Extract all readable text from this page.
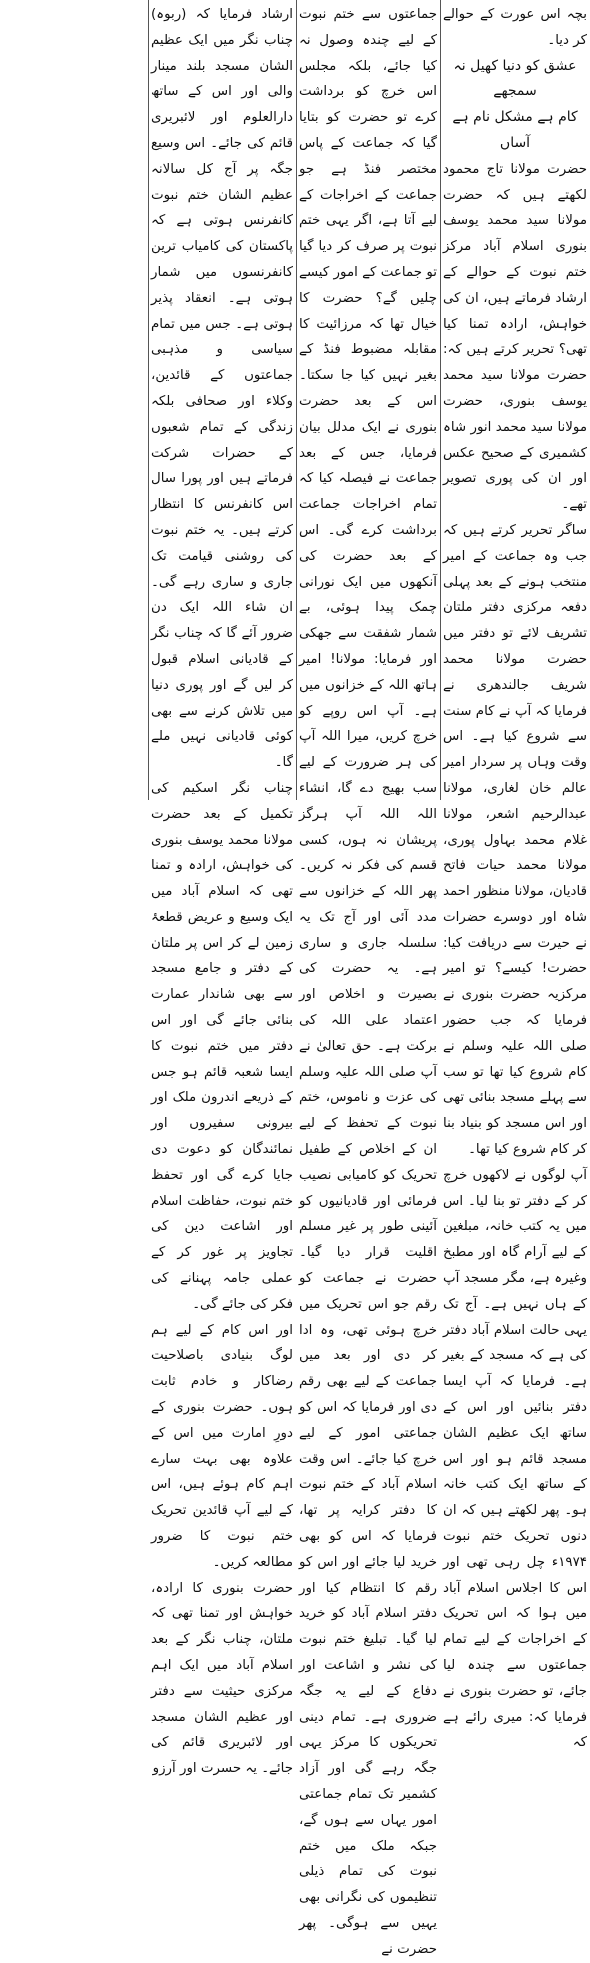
بچہ اس عورت کے حوالے کر دیا۔

عشق کو دنیا کھیل نہ سمجھے

کام ہے مشکل نام ہے آساں

حضرت مولانا تاج محمود لکھتے ہیں کہ حضرت مولانا سید محمد یوسف بنوری اسلام آباد مرکز ختم نبوت کے حوالے کے ارشاد فرماتے ہیں، ان کی خواہش، ارادہ تمنا کیا تھی؟ تحریر کرتے ہیں کہ: حضرت مولانا سید محمد یوسف بنوری، حضرت مولانا سید محمد انور شاہ کشمیری کے صحیح عکس اور ان کی پوری تصویر تھے۔

ساگر تحریر کرتے ہیں کہ جب وہ جماعت کے امیر منتخب ہونے کے بعد پہلی دفعہ مرکزی دفتر ملتان تشریف لائے تو دفتر میں حضرت مولانا محمد شریف جالندھری نے فرمایا کہ آپ نے کام سنت سے شروع کیا ہے۔ اس وقت وہاں پر سردار امیر عالم خان لغاری، مولانا عبدالرحیم اشعر، مولانا غلام محمد بہاول پوری، مولانا محمد حیات فاتح قادیان، مولانا منظور احمد شاہ اور دوسرے حضرات نے حیرت سے دریافت کیا: حضرت! کیسے؟ تو امیر مرکزیہ حضرت بنوری نے فرمایا کہ جب حضور صلی اللہ علیہ وسلم نے کام شروع کیا تھا تو سب سے پہلے مسجد بنائی تھی اور اس مسجد کو بنیاد بنا کر کام شروع کیا تھا۔

آپ لوگوں نے لاکھوں خرچ کر کے دفتر تو بنا لیا۔ اس میں یہ کتب خانہ، مبلغین کے لیے آرام گاہ اور مطبخ وغیرہ ہے، مگر مسجد آپ کے ہاں نہیں ہے۔ آج تک یہی حالت اسلام آباد دفتر کی ہے کہ مسجد کے بغیر ہے۔ فرمایا کہ آپ ایسا دفتر بنائیں اور اس کے ساتھ ایک عظیم الشان مسجد قائم ہو اور اس کے ساتھ ایک کتب خانہ ہو۔ پھر لکھتے ہیں کہ ان دنوں تحریک ختم نبوت ۱۹۷۴ء چل رہی تھی اور اس کا اجلاس اسلام آباد میں ہوا کہ اس تحریک کے اخراجات کے لیے تمام جماعتوں سے چندہ لیا جائے، تو حضرت بنوری نے فرمایا کہ: میری رائے ہے کہ

جماعتوں سے ختم نبوت کے لیے چندہ وصول نہ کیا جائے، بلکہ مجلس اس خرچ کو برداشت کرے تو حضرت کو بتایا گیا کہ جماعت کے پاس مختصر فنڈ ہے جو جماعت کے اخراجات کے لیے آتا ہے، اگر یہی ختم نبوت پر صرف کر دیا گیا تو جماعت کے امور کیسے چلیں گے؟ حضرت کا خیال تھا کہ مرزائیت کا مقابلہ مضبوط فنڈ کے بغیر نہیں کیا جا سکتا۔ اس کے بعد حضرت بنوری نے ایک مدلل بیان فرمایا، جس کے بعد جماعت نے فیصلہ کیا کہ تمام اخراجات جماعت برداشت کرے گی۔ اس کے بعد حضرت کی آنکھوں میں ایک نورانی چمک پیدا ہوئی، بے شمار شفقت سے جھکی اور فرمایا: مولانا! امیر ہاتھ اللہ کے خزانوں میں ہے۔ آپ اس روپے کو خرچ کریں، میرا اللہ آپ کی ہر ضرورت کے لیے سب بھیج دے گا، انشاء اللہ اللہ آپ ہرگز پریشان نہ ہوں، کسی قسم کی فکر نہ کریں۔ پھر اللہ کے خزانوں سے مدد آئی اور آج تک یہ سلسلہ جاری و ساری ہے۔ یہ حضرت کی بصیرت و اخلاص اور اعتماد علی اللہ کی برکت ہے۔ حق تعالیٰ نے آپ صلی اللہ علیہ وسلم کی عزت و ناموس، ختم نبوت کے تحفظ کے لیے ان کے اخلاص کے طفیل تحریک کو کامیابی نصیب فرمائی اور قادیانیوں کو آئینی طور پر غیر مسلم اقلیت قرار دیا گیا۔ حضرت نے جماعت کو رقم جو اس تحریک میں خرچ ہوئی تھی، وہ ادا کر دی اور بعد میں جماعت کے لیے بھی رقم دی اور فرمایا کہ اس کو جماعتی امور کے لیے خرچ کیا جائے۔ اس وقت اسلام آباد کے ختم نبوت کا دفتر کرایہ پر تھا، فرمایا کہ اس کو بھی خرید لیا جائے اور اس کو رقم کا انتظام کیا اور دفتر اسلام آباد کو خرید لیا گیا۔ تبلیغ ختم نبوت کی نشر و اشاعت اور دفاع کے لیے یہ جگہ ضروری ہے۔ تمام دینی تحریکوں کا مرکز یہی جگہ رہے گی اور آزاد کشمیر تک تمام جماعتی امور یہاں سے ہوں گے، جبکہ ملک میں ختم نبوت کی تمام ذیلی تنظیموں کی نگرانی بھی یہیں سے ہوگی۔ پھر حضرت نے

ارشاد فرمایا کہ (ربوہ) چناب نگر میں ایک عظیم الشان مسجد بلند مینار والی اور اس کے ساتھ دارالعلوم اور لائبریری قائم کی جائے۔ اس وسیع جگہ پر آج کل سالانہ عظیم الشان ختم نبوت کانفرنس ہوتی ہے کہ پاکستان کی کامیاب ترین کانفرنسوں میں شمار ہوتی ہے۔ انعقاد پذیر ہوتی ہے۔ جس میں تمام سیاسی و مذہبی جماعتوں کے قائدین، وکلاء اور صحافی بلکہ زندگی کے تمام شعبوں کے حضرات شرکت فرماتے ہیں اور پورا سال اس کانفرنس کا انتظار کرتے ہیں۔ یہ ختم نبوت کی روشنی قیامت تک جاری و ساری رہے گی۔ ان شاء اللہ ایک دن ضرور آئے گا کہ چناب نگر کے قادیانی اسلام قبول کر لیں گے اور پوری دنیا میں تلاش کرنے سے بھی کوئی قادیانی نہیں ملے گا۔

چناب نگر اسکیم کی تکمیل کے بعد حضرت مولانا محمد یوسف بنوری کی خواہش، ارادہ و تمنا تھی کہ اسلام آباد میں ایک وسیع و عریض قطعۂ زمین لے کر اس پر ملتان کے دفتر و جامع مسجد سے بھی شاندار عمارت بنائی جائے گی اور اس دفتر میں ختم نبوت کا ایسا شعبہ قائم ہو جس کے ذریعے اندرون ملک اور بیرونی سفیروں اور نمائندگان کو دعوت دی جایا کرے گی اور تحفظ ختم نبوت، حفاظت اسلام اور اشاعت دین کی تجاویز پر غور کر کے عملی جامہ پہنانے کی فکر کی جائے گی۔

اور اس کام کے لیے ہم لوگ بنیادی باصلاحیت رضاکار و خادم ثابت ہوں۔ حضرت بنوری کے دورِ امارت میں اس کے علاوہ بھی بہت سارے اہم کام ہوئے ہیں، اس کے لیے آپ قائدین تحریک ختم نبوت کا ضرور مطالعہ کریں۔

حضرت بنوری کا ارادہ، خواہش اور تمنا تھی کہ ملتان، چناب نگر کے بعد اسلام آباد میں ایک اہم مرکزی حیثیت سے دفتر اور عظیم الشان مسجد اور لائبریری قائم کی جائے۔ یہ حسرت اور آرزو
